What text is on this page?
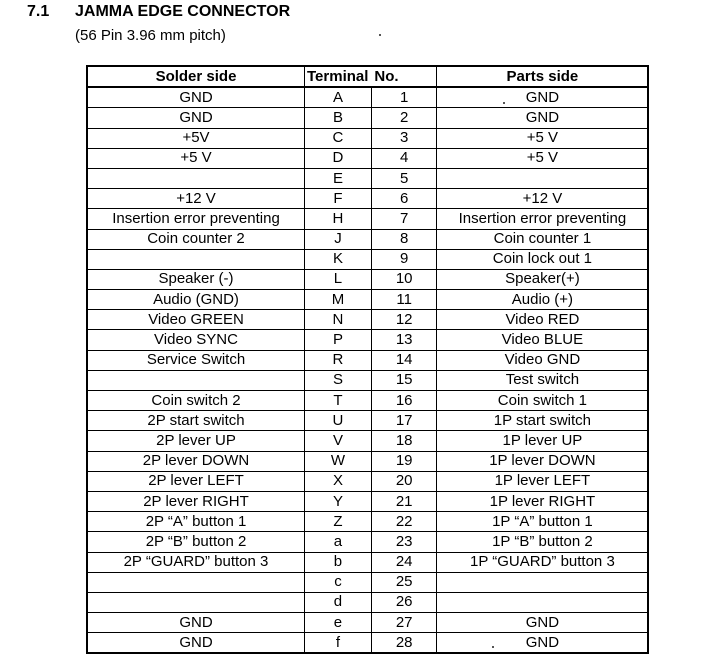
7.1 JAMMA EDGE CONNECTOR
(56 Pin 3.96 mm pitch)
Solder side	Terminal	No.	Parts side
GND	A	1	GND
GND	B	2	GND
+5V	C	3	+5 V
+5 V	D	4	+5 V
	E	5	
+12 V	F	6	+12 V
Insertion error preventing	H	7	Insertion error preventing
Coin counter 2	J	8	Coin counter 1
	K	9	Coin lock out 1
Speaker (-)	L	10	Speaker(+)
Audio (GND)	M	11	Audio (+)
Video GREEN	N	12	Video RED
Video SYNC	P	13	Video BLUE
Service Switch	R	14	Video GND
	S	15	Test switch
Coin switch 2	T	16	Coin switch 1
2P start switch	U	17	1P start switch
2P lever UP	V	18	1P lever UP
2P lever DOWN	W	19	1P lever DOWN
2P lever LEFT	X	20	1P lever LEFT
2P lever RIGHT	Y	21	1P lever RIGHT
2P “A” button 1	Z	22	1P “A” button 1
2P “B” button 2	a	23	1P “B” button 2
2P “GUARD” button 3	b	24	1P “GUARD” button 3
	c	25	
	d	26	
GND	e	27	GND
GND	f	28	GND
